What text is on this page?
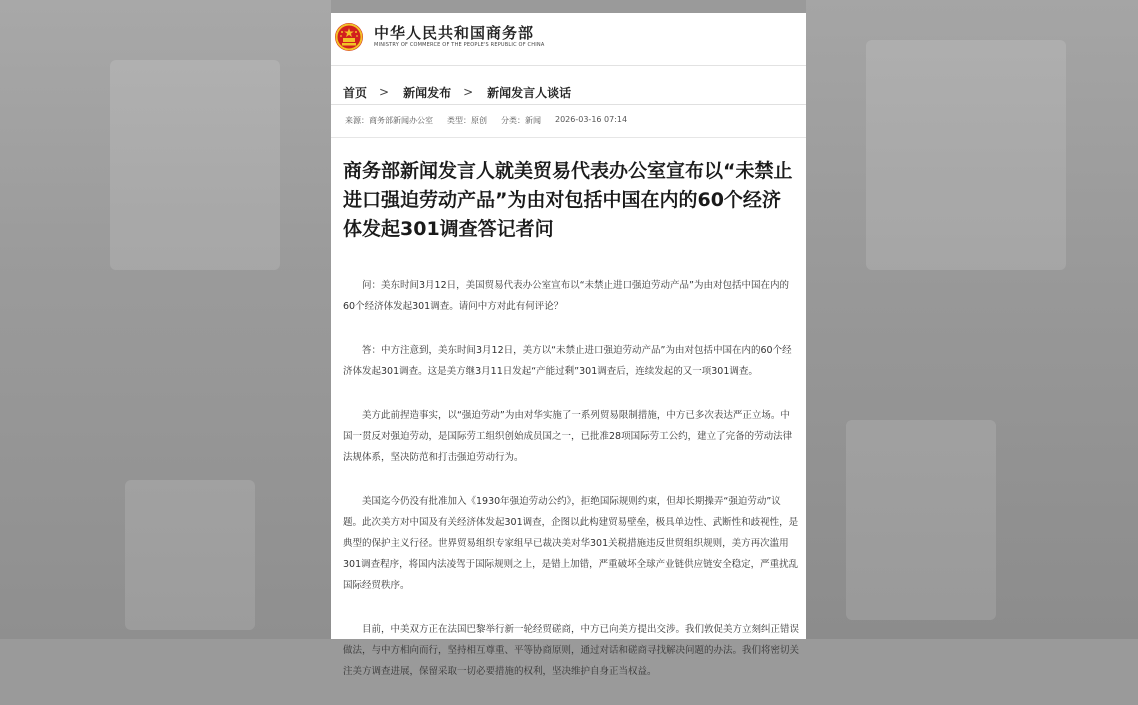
中华人民共和国商务部
MINISTRY OF COMMERCE OF THE PEOPLE'S REPUBLIC OF CHINA
首页 > 新闻发布 > 新闻发言人谈话
来源：商务部新闻办公室 类型：原创 分类：新闻 2026-03-16 07:14
商务部新闻发言人就美贸易代表办公室宣布以“未禁止进口强迫劳动产品”为由对包括中国在内的60个经济体发起301调查答记者问

问：美东时间3月12日，美国贸易代表办公室宣布以“未禁止进口强迫劳动产品”为由对包括中国在内的60个经济体发起301调查。请问中方对此有何评论？

答：中方注意到，美东时间3月12日，美方以“未禁止进口强迫劳动产品”为由对包括中国在内的60个经济体发起301调查。这是美方继3月11日发起“产能过剩”301调查后，连续发起的又一项301调查。

美方此前捏造事实，以“强迫劳动”为由对华实施了一系列贸易限制措施，中方已多次表达严正立场。中国一贯反对强迫劳动，是国际劳工组织创始成员国之一，已批准28项国际劳工公约，建立了完备的劳动法律法规体系，坚决防范和打击强迫劳动行为。

美国迄今仍没有批准加入《1930年强迫劳动公约》，拒绝国际规则约束，但却长期操弄“强迫劳动”议题。此次美方对中国及有关经济体发起301调查，企图以此构建贸易壁垒，极具单边性、武断性和歧视性，是典型的保护主义行径。世界贸易组织专家组早已裁决美对华301关税措施违反世贸组织规则，美方再次滥用301调查程序，将国内法凌驾于国际规则之上，是错上加错，严重破坏全球产业链供应链安全稳定，严重扰乱国际经贸秩序。

目前，中美双方正在法国巴黎举行新一轮经贸磋商，中方已向美方提出交涉。我们敦促美方立刻纠正错误做法，与中方相向而行，坚持相互尊重、平等协商原则，通过对话和磋商寻找解决问题的办法。我们将密切关注美方调查进展，保留采取一切必要措施的权利，坚决维护自身正当权益。
